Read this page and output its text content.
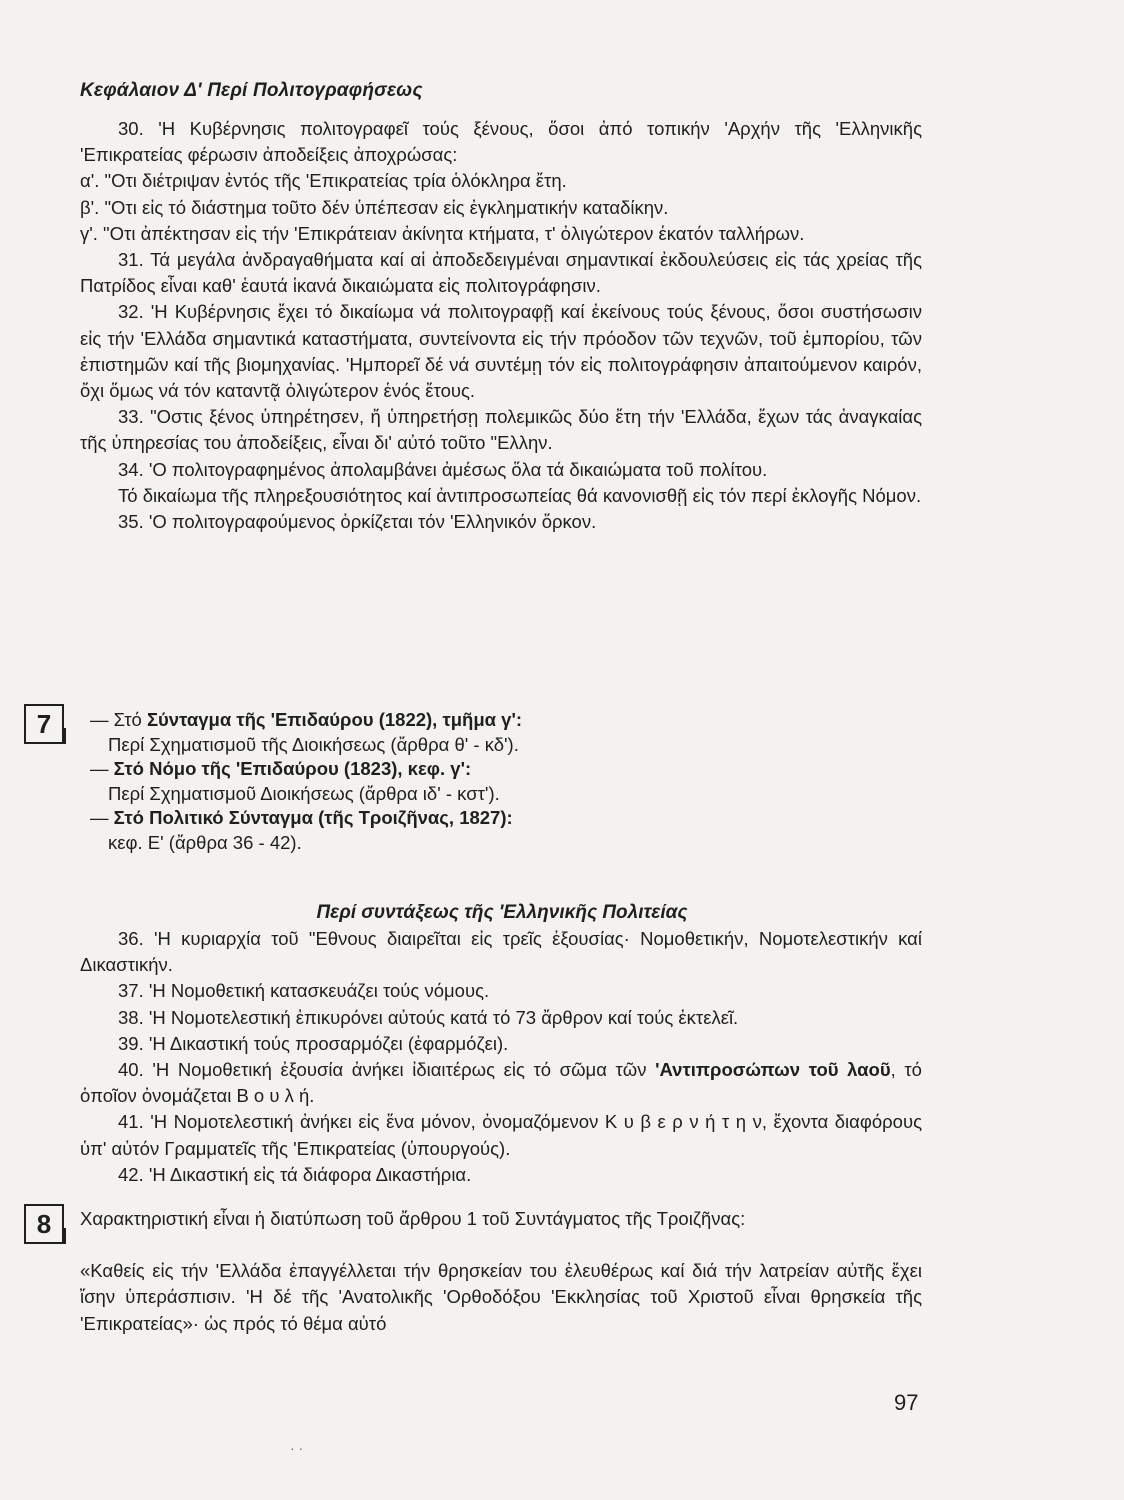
Κεφάλαιον Δ' Περί Πολιτογραφήσεως

30. 'Η Κυβέρνησις πολιτογραφεῖ τούς ξένους, ὅσοι ἀπό τοπικήν 'Αρχήν τῆς 'Ελληνικῆς 'Επικρατείας φέρωσιν ἀποδείξεις ἀποχρώσας:

α'. "Οτι διέτριψαν ἐντός τῆς 'Επικρατείας τρία ὁλόκληρα ἔτη.

β'. "Οτι εἰς τό διάστημα τοῦτο δέν ὑπέπεσαν εἰς ἐγκληματικήν καταδίκην.

γ'. "Οτι ἀπέκτησαν εἰς τήν 'Επικράτειαν ἀκίνητα κτήματα, τ' ὀλιγώτερον ἑκατόν ταλλήρων.

31. Τά μεγάλα ἀνδραγαθήματα καί αἱ ἀποδεδειγμέναι σημαντικαί ἐκδουλεύσεις εἰς τάς χρείας τῆς Πατρίδος εἶναι καθ' ἑαυτά ἱκανά δικαιώματα εἰς πολιτογράφησιν.

32. 'Η Κυβέρνησις ἔχει τό δικαίωμα νά πολιτογραφῇ καί ἐκείνους τούς ξένους, ὅσοι συστήσωσιν εἰς τήν 'Ελλάδα σημαντικά καταστήματα, συντείνοντα εἰς τήν πρόοδον τῶν τεχνῶν, τοῦ ἐμπορίου, τῶν ἐπιστημῶν καί τῆς βιομηχανίας. 'Ημπορεῖ δέ νά συντέμῃ τόν εἰς πολιτογράφησιν ἀπαιτούμενον καιρόν, ὄχι ὅμως νά τόν καταντᾷ ὀλιγώτερον ἑνός ἔτους.

33. "Οστις ξένος ὑπηρέτησεν, ἤ ὑπηρετήσῃ πολεμικῶς δύο ἔτη τήν 'Ελλάδα, ἔχων τάς ἀναγκαίας τῆς ὑπηρεσίας του ἀποδείξεις, εἶναι δι' αὐτό τοῦτο "Ελλην.

34. 'Ο πολιτογραφημένος ἀπολαμβάνει ἀμέσως ὅλα τά δικαιώματα τοῦ πολίτου.

Τό δικαίωμα τῆς πληρεξουσιότητος καί ἀντιπροσωπείας θά κανονισθῇ εἰς τόν περί ἐκλογῆς Νόμον.

35. 'Ο πολιτογραφούμενος ὁρκίζεται τόν 'Ελληνικόν ὅρκον.

7	— Στό Σύνταγμα τῆς 'Επιδαύρου (1822), τμῆμα γ':
Περί Σχηματισμοῦ τῆς Διοικήσεως (ἄρθρα θ' - κδ').
— Στό Νόμο τῆς 'Επιδαύρου (1823), κεφ. γ':
Περί Σχηματισμοῦ Διοικήσεως (ἄρθρα ιδ' - κστ').
— Στό Πολιτικό Σύνταγμα (τῆς Τροιζῆνας, 1827):
κεφ. Ε' (ἄρθρα 36 - 42).
Περί συντάξεως τῆς 'Ελληνικῆς Πολιτείας

36. 'Η κυριαρχία τοῦ "Εθνους διαιρεῖται εἰς τρεῖς ἐξουσίας· Νομοθετικήν, Νομοτελεστικήν καί Δικαστικήν.

37. 'Η Νομοθετική κατασκευάζει τούς νόμους.

38. 'Η Νομοτελεστική ἐπικυρόνει αὐτούς κατά τό 73 ἄρθρον καί τούς ἐκτελεῖ.

39. 'Η Δικαστική τούς προσαρμόζει (ἐφαρμόζει).

40. 'Η Νομοθετική ἐξουσία ἀνήκει ἰδιαιτέρως εἰς τό σῶμα τῶν 'Αντιπροσώπων τοῦ λαοῦ, τό ὁποῖον ὀνομάζεται Β ο υ λ ή.

41. 'Η Νομοτελεστική ἀνήκει εἰς ἕνα μόνον, ὀνομαζόμενον Κ υ β ε ρ ν ή τ η ν, ἔχοντα διαφόρους ὑπ' αὐτόν Γραμματεῖς τῆς 'Επικρατείας (ὑπουργούς).

42. 'Η Δικαστική εἰς τά διάφορα Δικαστήρια.

8	Χαρακτηριστική εἶναι ἡ διατύπωση τοῦ ἄρθρου 1 τοῦ Συντάγματος τῆς Τροιζῆνας:

«Καθείς εἰς τήν 'Ελλάδα ἐπαγγέλλεται τήν θρησκείαν του ἐλευθέρως καί διά τήν λατρείαν αὐτῆς ἔχει ἴσην ὑπεράσπισιν. 'Η δέ τῆς 'Ανατολικῆς 'Ορθοδόξου 'Εκκλησίας τοῦ Χριστοῦ εἶναι θρησκεία τῆς 'Επικρατείας»· ὡς πρός τό θέμα αὐτό

97
· ·
